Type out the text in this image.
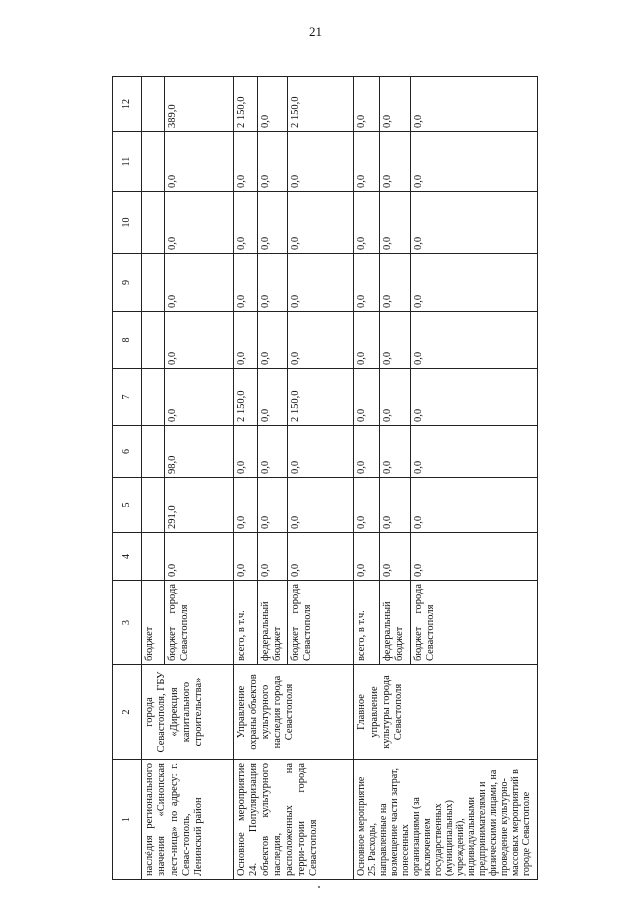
21
1	2	3	4	5	6	7	8	9	10	11	12
наслéдия регионального значения «Синопская лест-ница» по адресу: г. Севас-тополь, Ленинский район	города Севастополя, ГБУ «Дирекция капитального строительства»	бюджет									
		бюджет города Севастополя	0,0	291,0	98,0	0,0	0,0	0,0	0,0	0,0	389,0
Основное мероприятие 24. Популяризация объектов культурного наследия, расположенных на терри-тории города Севастополя	Управление охраны объектов культурного наследия города Севастополя	всего, в т.ч.	0,0	0,0	0,0	2 150,0	0,0	0,0	0,0	0,0	2 150,0
		федеральный бюджет	0,0	0,0	0,0	0,0	0,0	0,0	0,0	0,0	0,0
		бюджет города Севастополя	0,0	0,0	0,0	2 150,0	0,0	0,0	0,0	0,0	2 150,0
Основное мероприятие 25. Расходы, направленные на возмещение части затрат, понесенных организациями (за исключением государственных (муниципальных) учреждений), индивидуальными предпринимателями и физическими лицами, на проведение культурно-массовых мероприятий в городе Севастополе	Главное управление культуры города Севастополя	всего, в т.ч.	0,0	0,0	0,0	0,0	0,0	0,0	0,0	0,0	0,0
		федеральный бюджет	0,0	0,0	0,0	0,0	0,0	0,0	0,0	0,0	0,0
		бюджет города Севастополя	0,0	0,0	0,0	0,0	0,0	0,0	0,0	0,0	0,0
